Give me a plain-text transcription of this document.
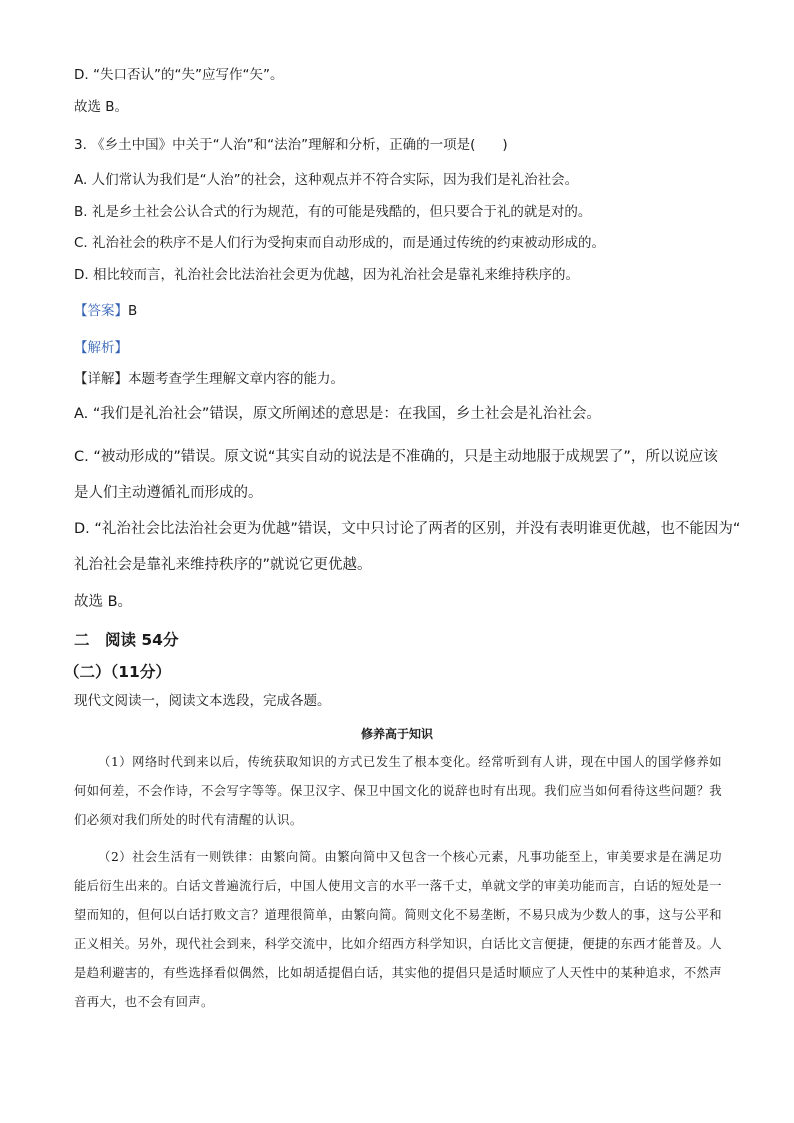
D. “失口否认”的“失”应写作“矢”。
故选 B。
3. 《乡土中国》中关于“人治”和“法治”理解和分析，正确的一项是(　　)
A. 人们常认为我们是“人治”的社会，这种观点并不符合实际，因为我们是礼治社会。
B. 礼是乡土社会公认合式的行为规范，有的可能是残酷的，但只要合于礼的就是对的。
C. 礼治社会的秩序不是人们行为受拘束而自动形成的，而是通过传统的约束被动形成的。
D. 相比较而言，礼治社会比法治社会更为优越，因为礼治社会是靠礼来维持秩序的。
【答案】B
【解析】
【详解】本题考查学生理解文章内容的能力。
A. “我们是礼治社会”错误，原文所阐述的意思是：在我国，乡土社会是礼治社会。
C. “被动形成的”错误。原文说“其实自动的说法是不准确的，只是主动地服于成规罢了”，所以说应该
是人们主动遵循礼而形成的。
D. “礼治社会比法治社会更为优越”错误，文中只讨论了两者的区别，并没有表明谁更优越，也不能因为“
礼治社会是靠礼来维持秩序的”就说它更优越。
故选 B。
二　阅读 54分
（二）（11分）
现代文阅读一，阅读文本选段，完成各题。
修养高于知识
（1）网络时代到来以后，传统获取知识的方式已发生了根本变化。经常听到有人讲，现在中国人的国学修养如何如何差，不会作诗，不会写字等等。保卫汉字、保卫中国文化的说辞也时有出现。我们应当如何看待这些问题？我们必须对我们所处的时代有清醒的认识。
（2）社会生活有一则铁律：由繁向简。由繁向简中又包含一个核心元素，凡事功能至上，审美要求是在满足功能后衍生出来的。白话文普遍流行后，中国人使用文言的水平一落千丈，单就文学的审美功能而言，白话的短处是一望而知的，但何以白话打败文言？道理很简单，由繁向简。简则文化不易垄断，不易只成为少数人的事，这与公平和正义相关。另外，现代社会到来，科学交流中，比如介绍西方科学知识，白话比文言便捷，便捷的东西才能普及。人是趋利避害的，有些选择看似偶然，比如胡适提倡白话，其实他的提倡只是适时顺应了人天性中的某种追求，不然声音再大，也不会有回声。
